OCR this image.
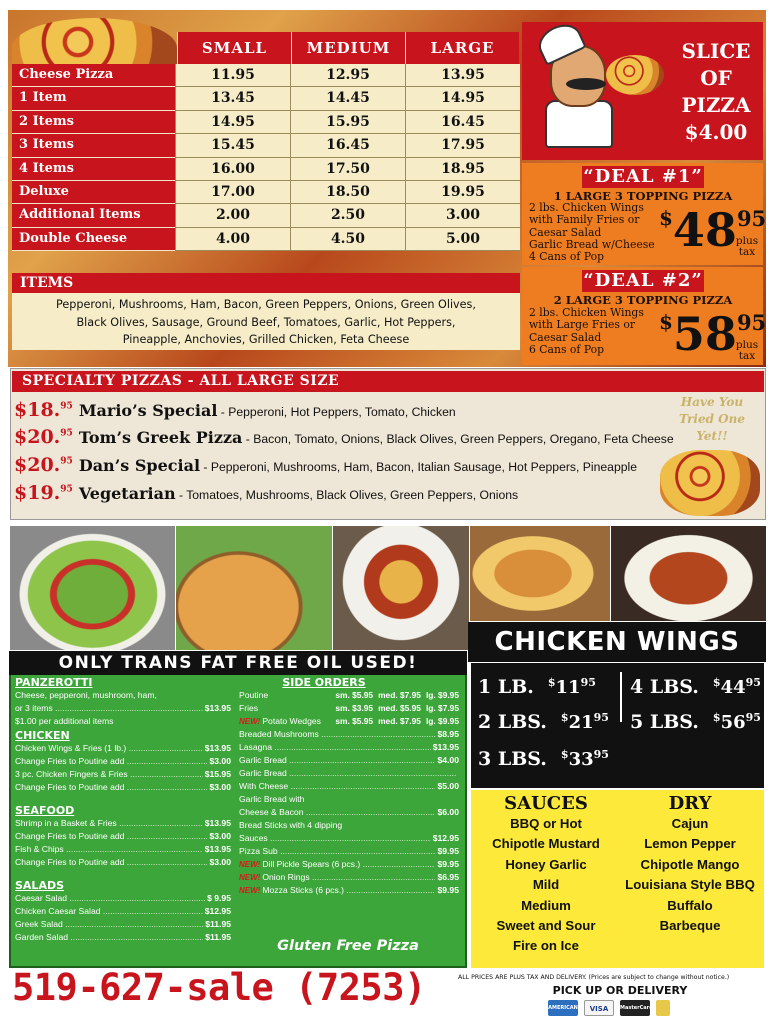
SMALL	MEDIUM	LARGE
Cheese Pizza	11.95	12.95	13.95
1 Item	13.45	14.45	14.95
2 Items	14.95	15.95	16.45
3 Items	15.45	16.45	17.95
4 Items	16.00	17.50	18.95
Deluxe	17.00	18.50	19.95
Additional Items	2.00	2.50	3.00
Double Cheese	4.00	4.50	5.00
ITEMS
Pepperoni, Mushrooms, Ham, Bacon, Green Peppers, Onions, Green Olives,
Black Olives, Sausage, Ground Beef, Tomatoes, Garlic, Hot Peppers,
Pineapple, Anchovies, Grilled Chicken, Feta Cheese
SLICE
OF
PIZZA
$4.00
“DEAL #1”
1 LARGE 3 TOPPING PIZZA
2 lbs. Chicken Wings
with Family Fries or
Caesar Salad
Garlic Bread w/Cheese
4 Cans of Pop
$4895
plus
tax
“DEAL #2”
2 LARGE 3 TOPPING PIZZA
2 lbs. Chicken Wings
with Large Fries or
Caesar Salad
6 Cans of Pop
$5895
plus
tax
SPECIALTY PIZZAS - ALL LARGE SIZE
$18.95 Mario’s Special - Pepperoni, Hot Peppers, Tomato, Chicken
$20.95 Tom’s Greek Pizza - Bacon, Tomato, Onions, Black Olives, Green Peppers, Oregano, Feta Cheese
$20.95 Dan’s Special - Pepperoni, Mushrooms, Ham, Bacon, Italian Sausage, Hot Peppers, Pineapple
$19.95 Vegetarian - Tomatoes, Mushrooms, Black Olives, Green Peppers, Onions
Have You
Tried One
Yet!!
ONLY TRANS FAT FREE OIL USED!
PANZEROTTI
Cheese, pepperoni, mushroom, ham,
or 3 items .....	$13.95
$1.00 per additional items
CHICKEN
Chicken Wings & Fries (1 lb.) .....	$13.95
Change Fries to Poutine add .....	$3.00
3 pc. Chicken Fingers & Fries .....	$15.95
Change Fries to Poutine add .....	$3.00
SEAFOOD
Shrimp in a Basket & Fries .....	$13.95
Change Fries to Poutine add .....	$3.00
Fish & Chips .....	$13.95
Change Fries to Poutine add .....	$3.00
SALADS
Caesar Salad .....	$ 9.95
Chicken Caesar Salad .....	$12.95
Greek Salad .....	$11.95
Garden Salad .....	$11.95
SIDE ORDERS
Poutine	sm. $5.95 med. $7.95 lg. $9.95
Fries	sm. $3.95 med. $5.95 lg. $7.95
NEW! Potato Wedges	sm. $5.95 med. $7.95 lg. $9.95
Breaded Mushrooms .....	$8.95
Lasagna .....	$13.95
Garlic Bread .....	$4.00
Garlic Bread .....
With Cheese .....	$5.00
Garlic Bread with
Cheese & Bacon .....	$6.00
Bread Sticks with 4 dipping
Sauces .....	$12.95
Pizza Sub .....	$9.95
NEW! Dill Pickle Spears (6 pcs.) .....	$9.95
NEW! Onion Rings .....	$6.95
NEW! Mozza Sticks (6 pcs.) .....	$9.95
Gluten Free Pizza
CHICKEN WINGS
1 LB. $^{\$}11^{95}$
2 LBS. $^{\$}21^{95}$
3 LBS. $^{\$}33^{95}$
4 LBS. $^{\$}44^{95}$
5 LBS. $^{\$}56^{95}$
SAUCES
BBQ or Hot
Chipotle Mustard
Honey Garlic
Mild
Medium
Sweet and Sour
Fire on Ice
DRY
Cajun
Lemon Pepper
Chipotle Mango
Louisiana Style BBQ
Buffalo
Barbeque
519-627-sale (7253)	ALL PRICES ARE PLUS TAX AND DELIVERY. (Prices are subject to change without notice.)
PICK UP OR DELIVERY
AMERICAN EXPRESS
VISA	MasterCard
